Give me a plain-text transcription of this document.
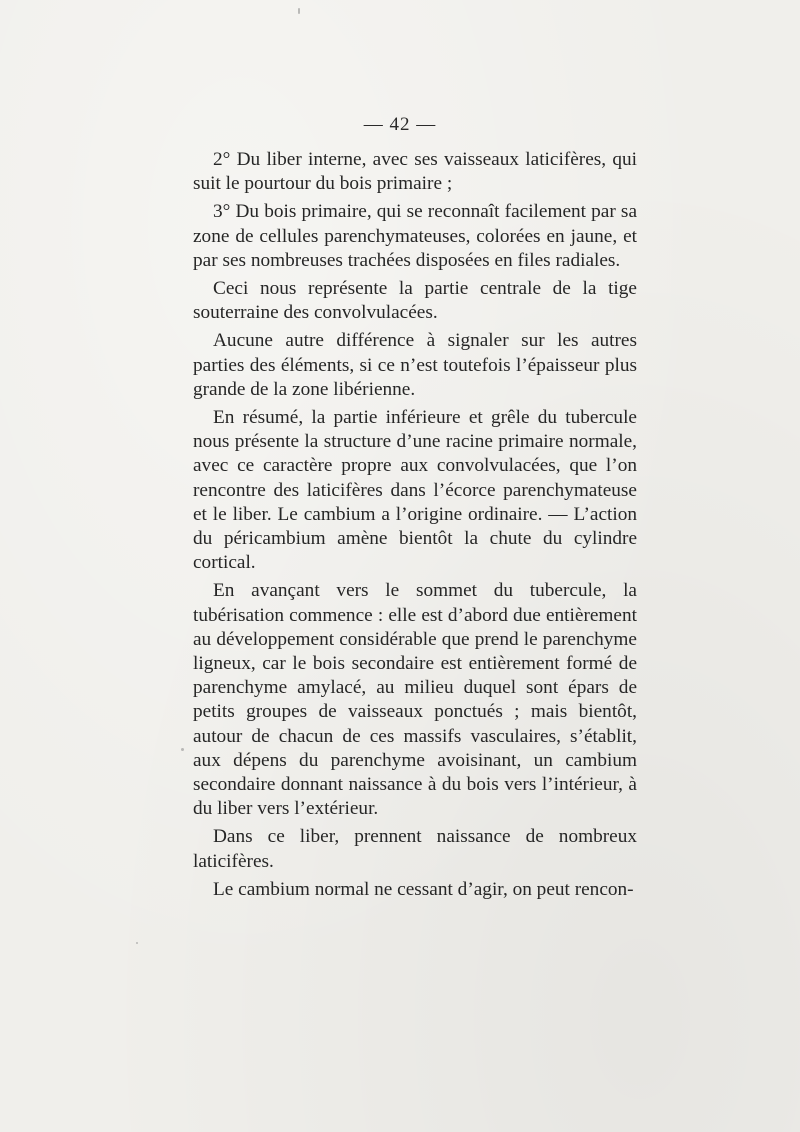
— 42 —

2° Du liber interne, avec ses vaisseaux laticifères, qui suit le pourtour du bois primaire ;

3° Du bois primaire, qui se reconnaît facilement par sa zone de cellules parenchymateuses, colorées en jaune, et par ses nombreuses trachées disposées en files radiales.

Ceci nous représente la partie centrale de la tige souterraine des convolvulacées.

Aucune autre différence à signaler sur les autres parties des éléments, si ce n’est toutefois l’épaisseur plus grande de la zone libérienne.

En résumé, la partie inférieure et grêle du tubercule nous présente la structure d’une racine primaire normale, avec ce caractère propre aux convolvulacées, que l’on rencontre des laticifères dans l’écorce parenchymateuse et le liber. Le cambium a l’origine ordinaire. — L’action du péricambium amène bientôt la chute du cylindre cortical.

En avançant vers le sommet du tubercule, la tubérisation commence : elle est d’abord due entièrement au développement considérable que prend le parenchyme ligneux, car le bois secondaire est entièrement formé de parenchyme amylacé, au milieu duquel sont épars de petits groupes de vaisseaux ponctués ; mais bientôt, autour de chacun de ces massifs vasculaires, s’établit, aux dépens du parenchyme avoisinant, un cambium secondaire donnant naissance à du bois vers l’intérieur, à du liber vers l’extérieur.

Dans ce liber, prennent naissance de nombreux laticifères.

Le cambium normal ne cessant d’agir, on peut rencon-
